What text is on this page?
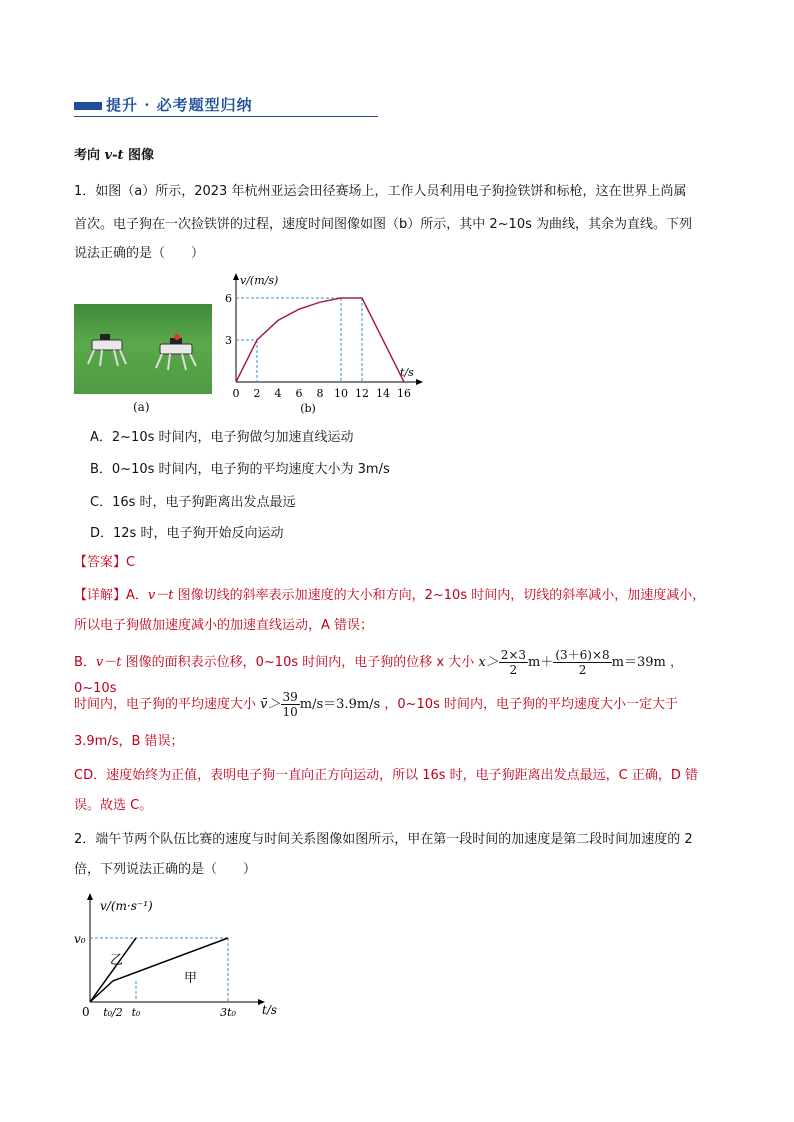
提升 · 必考题型归纳
考向 v-t 图像
1．如图（a）所示，2023 年杭州亚运会田径赛场上，工作人员利用电子狗捡铁饼和标枪，这在世界上尚属
首次。电子狗在一次捡铁饼的过程，速度时间图像如图（b）所示，其中 2~10s 为曲线，其余为直线。下列
说法正确的是（　　）
(a)
v/(m/s)
t/s
0 2 4 6 8 10 12 14 16
3
6
(b)
A．2~10s 时间内，电子狗做匀加速直线运动
B．0~10s 时间内，电子狗的平均速度大小为 3m/s
C．16s 时，电子狗距离出发点最远
D．12s 时，电子狗开始反向运动
【答案】C
【详解】A．v－t 图像切线的斜率表示加速度的大小和方向，2~10s 时间内，切线的斜率减小，加速度减小，
所以电子狗做加速度减小的加速直线运动，A 错误；
B．v－t 图像的面积表示位移，0~10s 时间内，电子狗的位移 x 大小 $x> \frac{2\times 3}{2} m+ \frac{(3+6)\times 8}{2} m=39m$ ，0~10s
时间内，电子狗的平均速度大小 v̄＞ $\frac{39}{10} m/s=3.9m/s$ ，0~10s 时间内，电子狗的平均速度大小一定大于
3.9m/s，B 错误；
CD．速度始终为正值，表明电子狗一直向正方向运动，所以 16s 时，电子狗距离出发点最远，C 正确，D 错
误。故选 C。
2．端午节两个队伍比赛的速度与时间关系图像如图所示，甲在第一段时间的加速度是第二段时间加速度的 2
倍，下列说法正确的是（　　）
v/(m·s⁻¹)
t/s
0
v₀
t₀/2 t₀	3t₀
乙
甲
